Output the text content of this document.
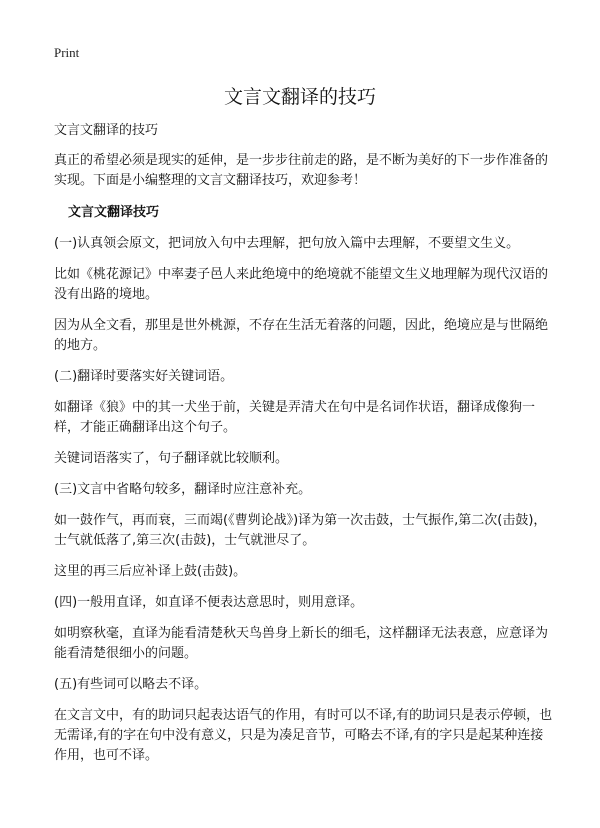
Print
文言文翻译的技巧

文言文翻译的技巧

真正的希望必须是现实的延伸，是一步步往前走的路，是不断为美好的下一步作准备的实现。下面是小编整理的文言文翻译技巧，欢迎参考！

文言文翻译技巧

(一)认真领会原文，把词放入句中去理解，把句放入篇中去理解，不要望文生义。

比如《桃花源记》中率妻子邑人来此绝境中的绝境就不能望文生义地理解为现代汉语的没有出路的境地。

因为从全文看，那里是世外桃源，不存在生活无着落的问题，因此，绝境应是与世隔绝的地方。

(二)翻译时要落实好关键词语。

如翻译《狼》中的其一犬坐于前，关键是弄清犬在句中是名词作状语，翻译成像狗一样，才能正确翻译出这个句子。

关键词语落实了，句子翻译就比较顺利。

(三)文言中省略句较多，翻译时应注意补充。

如一鼓作气，再而衰，三而竭(《曹刿论战》)译为第一次击鼓，士气振作,第二次(击鼓)，士气就低落了,第三次(击鼓)，士气就泄尽了。

这里的再三后应补译上鼓(击鼓)。

(四)一般用直译，如直译不便表达意思时，则用意译。

如明察秋毫，直译为能看清楚秋天鸟兽身上新长的细毛，这样翻译无法表意，应意译为能看清楚很细小的问题。

(五)有些词可以略去不译。

在文言文中，有的助词只起表达语气的作用，有时可以不译,有的助词只是表示停顿，也无需译,有的字在句中没有意义，只是为凑足音节，可略去不译,有的字只是起某种连接作用，也可不译。
